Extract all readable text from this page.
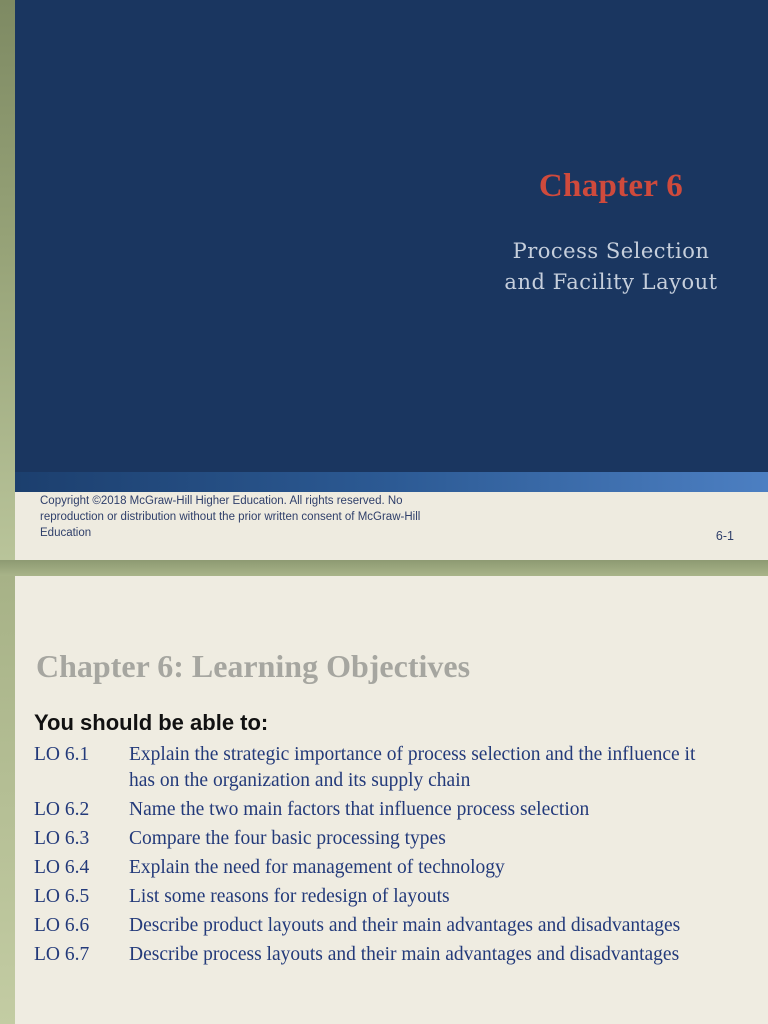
Chapter 6
Process Selection
and Facility Layout
Copyright ©2018 McGraw-Hill Higher Education. All rights reserved. No
reproduction or distribution without the prior written consent of McGraw-Hill
Education	6-1
Chapter 6: Learning Objectives
You should be able to:
LO 6.1	Explain the strategic importance of process selection and the influence it has on the organization and its supply chain
LO 6.2	Name the two main factors that influence process selection
LO 6.3	Compare the four basic processing types
LO 6.4	Explain the need for management of technology
LO 6.5	List some reasons for redesign of layouts
LO 6.6	Describe product layouts and their main advantages and disadvantages
LO 6.7	Describe process layouts and their main advantages and disadvantages
